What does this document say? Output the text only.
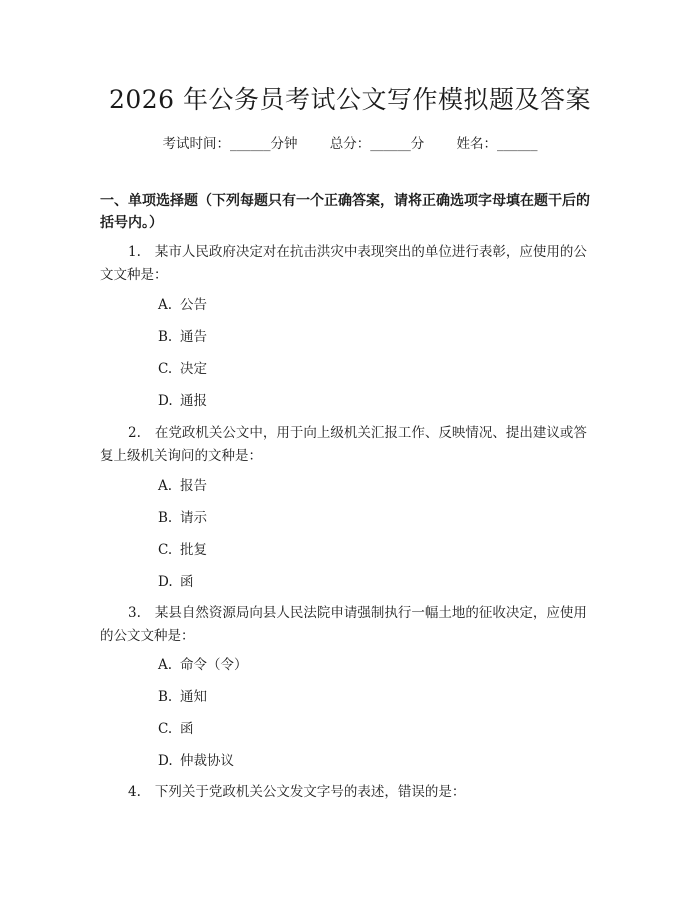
2026 年公务员考试公文写作模拟题及答案
考试时间：______分钟 总分：______分 姓名：______

一、单项选择题（下列每题只有一个正确答案，请将正确选项字母填在题干后的括号内。）

1. 某市人民政府决定对在抗击洪灾中表现突出的单位进行表彰，应使用的公文文种是：

A. 公告
B. 通告
C. 决定
D. 通报

2. 在党政机关公文中，用于向上级机关汇报工作、反映情况、提出建议或答复上级机关询问的文种是：

A. 报告
B. 请示
C. 批复
D. 函

3. 某县自然资源局向县人民法院申请强制执行一幅土地的征收决定，应使用的公文文种是：

A. 命令（令）
B. 通知
C. 函
D. 仲裁协议

4. 下列关于党政机关公文发文字号的表述，错误的是：
